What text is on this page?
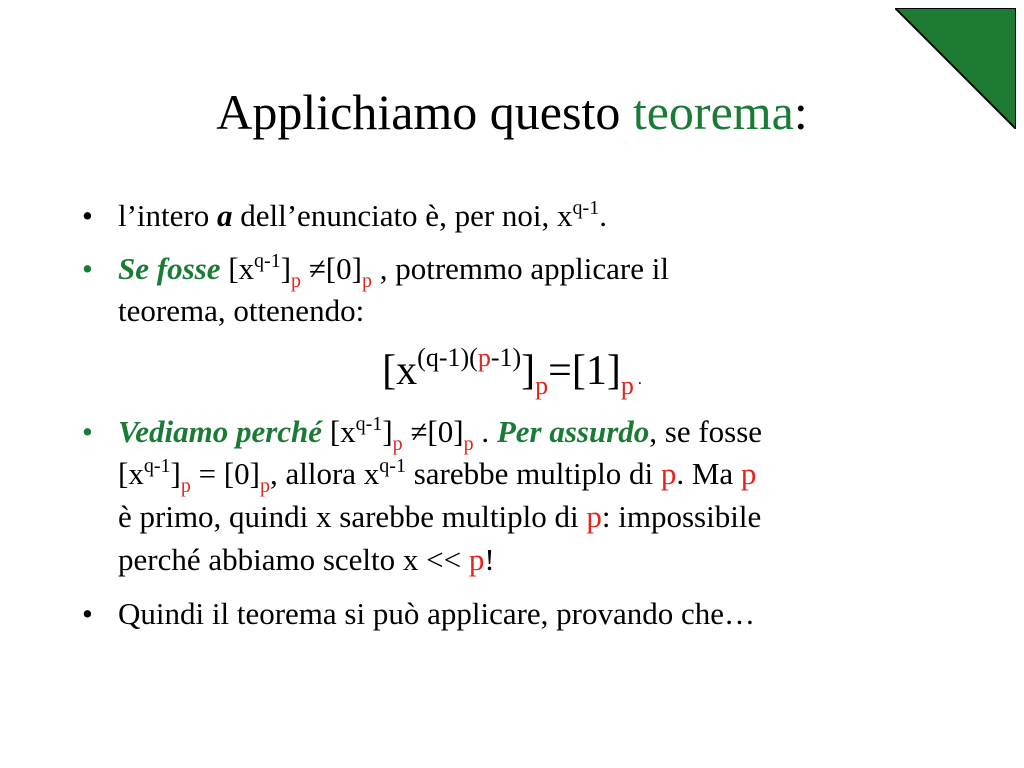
Applichiamo questo teorema:
• l’intero a dell’enunciato è, per noi, $x^{q-1}$.
• Se fosse $[x^{q-1}]_p \ne[0]_p$ , potremmo applicare il
teorema, ottenendo:
$[x^{(q-1)(p-1)}]_p=[1]_p$ .
• Vediamo perché $[x^{q-1}]_p \ne[0]_p$ . Per assurdo, se fosse
$[x^{q-1}]_p = [0]_p$, allora $x^{q-1}$ sarebbe multiplo di p. Ma p
è primo, quindi x sarebbe multiplo di p: impossibile
perché abbiamo scelto x << p!
• Quindi il teorema si può applicare, provando che…
